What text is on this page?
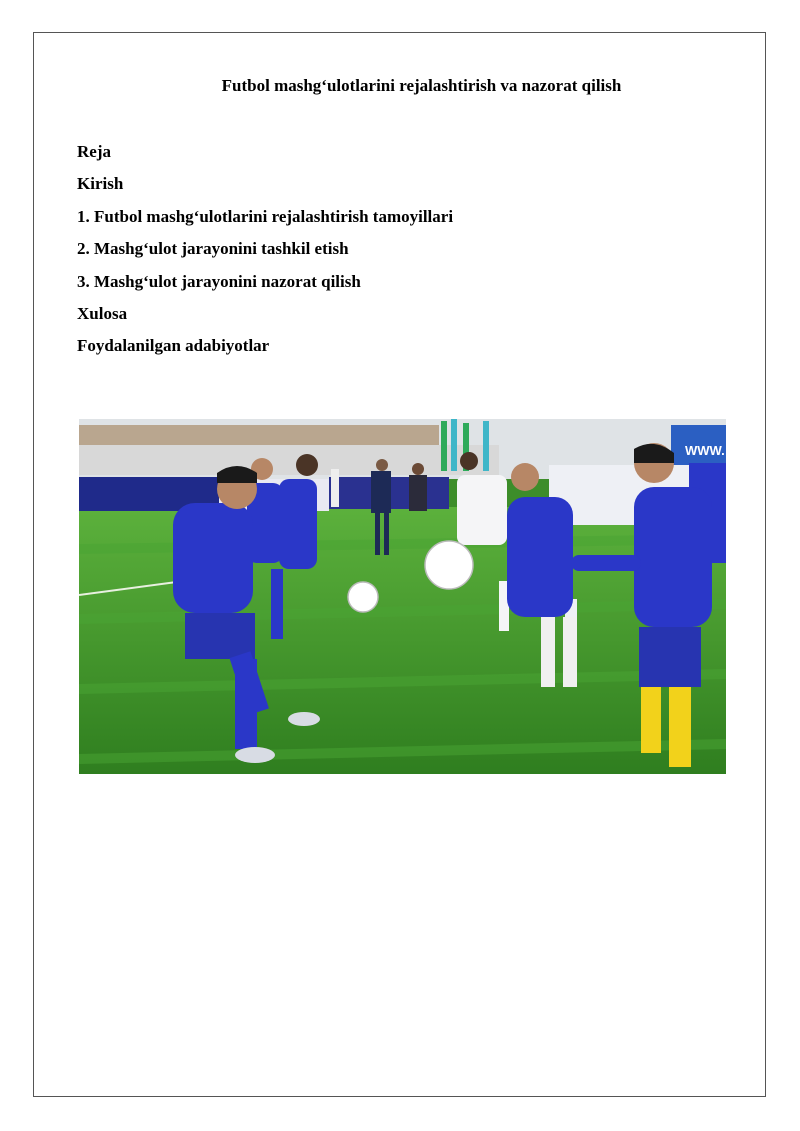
Futbol mashg‘ulotlarini rejalashtirish va nazorat qilish
Reja
Kirish
1. Futbol mashg‘ulotlarini rejalashtirish tamoyillari
2. Mashg‘ulot jarayonini tashkil etish
3. Mashg‘ulot jarayonini nazorat qilish
Xulosa
Foydalanilgan adabiyotlar
WWW.
